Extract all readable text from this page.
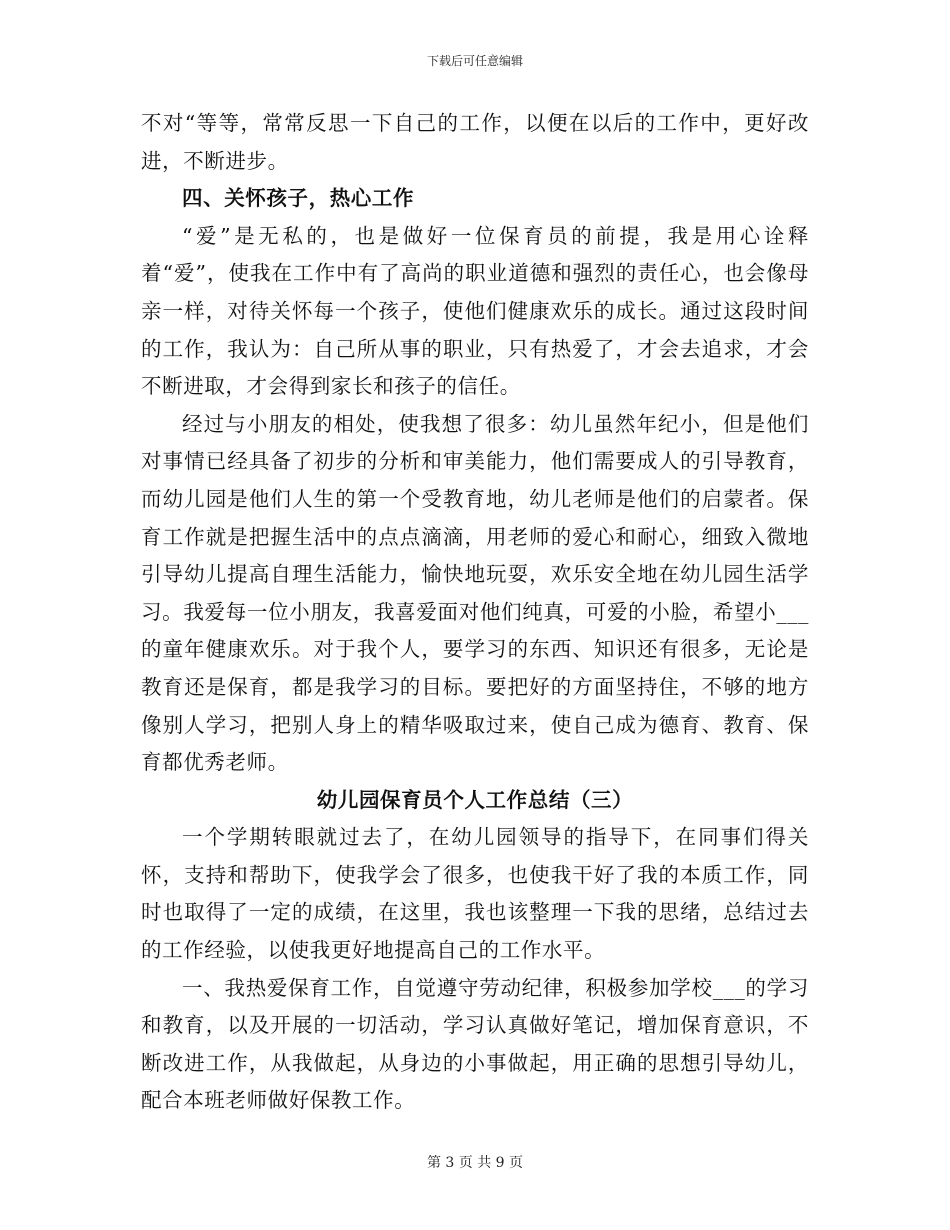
下载后可任意编辑

不对“等等，常常反思一下自己的工作，以便在以后的工作中，更好改进，不断进步。

四、关怀孩子，热心工作

“爱”是无私的，也是做好一位保育员的前提，我是用心诠释着“爱”，使我在工作中有了高尚的职业道德和强烈的责任心，也会像母亲一样，对待关怀每一个孩子，使他们健康欢乐的成长。通过这段时间的工作，我认为：自己所从事的职业，只有热爱了，才会去追求，才会不断进取，才会得到家长和孩子的信任。

经过与小朋友的相处，使我想了很多：幼儿虽然年纪小，但是他们对事情已经具备了初步的分析和审美能力，他们需要成人的引导教育，而幼儿园是他们人生的第一个受教育地，幼儿老师是他们的启蒙者。保育工作就是把握生活中的点点滴滴，用老师的爱心和耐心，细致入微地引导幼儿提高自理生活能力，愉快地玩耍，欢乐安全地在幼儿园生活学习。我爱每一位小朋友，我喜爱面对他们纯真，可爱的小脸，希望小___的童年健康欢乐。对于我个人，要学习的东西、知识还有很多，无论是教育还是保育，都是我学习的目标。要把好的方面坚持住，不够的地方像别人学习，把别人身上的精华吸取过来，使自己成为德育、教育、保育都优秀老师。

幼儿园保育员个人工作总结（三）

一个学期转眼就过去了，在幼儿园领导的指导下，在同事们得关怀，支持和帮助下，使我学会了很多，也使我干好了我的本质工作，同时也取得了一定的成绩，在这里，我也该整理一下我的思绪，总结过去的工作经验，以使我更好地提高自己的工作水平。

一、我热爱保育工作，自觉遵守劳动纪律，积极参加学校___的学习和教育，以及开展的一切活动，学习认真做好笔记，增加保育意识，不断改进工作，从我做起，从身边的小事做起，用正确的思想引导幼儿，配合本班老师做好保教工作。

第 3 页 共 9 页
